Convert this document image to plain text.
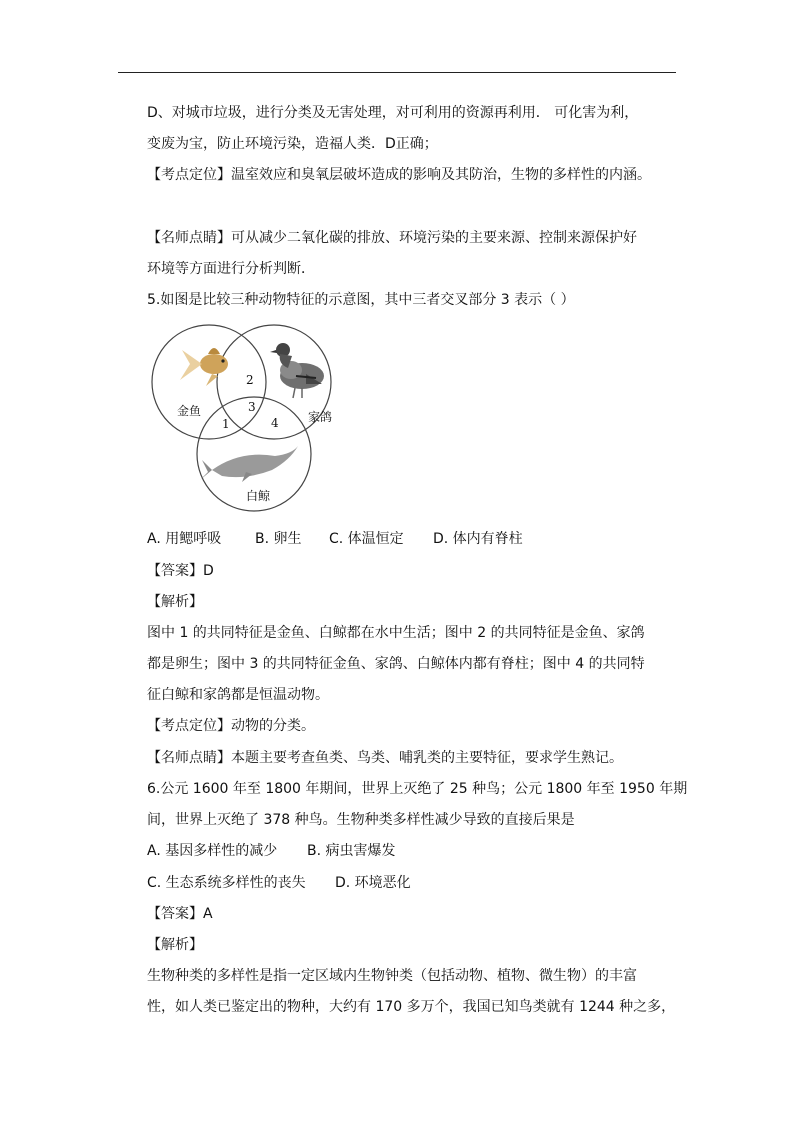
D、对城市垃圾，进行分类及无害处理，对可利用的资源再利用． 可化害为利，
变废为宝，防止环境污染，造福人类．D正确；
【考点定位】温室效应和臭氧层破坏造成的影响及其防治，生物的多样性的内涵。
【名师点睛】可从减少二氧化碳的排放、环境污染的主要来源、控制来源保护好
环境等方面进行分析判断．
5.如图是比较三种动物特征的示意图，其中三者交叉部分 3 表示（ ）
金鱼	家鸽
白鲸
1
2
3
4
A. 用鳃呼吸 B. 卵生 C. 体温恒定 D. 体内有脊柱
【答案】D
【解析】
图中 1 的共同特征是金鱼、白鲸都在水中生活；图中 2 的共同特征是金鱼、家鸽
都是卵生；图中 3 的共同特征金鱼、家鸽、白鲸体内都有脊柱；图中 4 的共同特
征白鲸和家鸽都是恒温动物。
【考点定位】动物的分类。
【名师点睛】本题主要考查鱼类、鸟类、哺乳类的主要特征，要求学生熟记。
6.公元 1600 年至 1800 年期间，世界上灭绝了 25 种鸟；公元 1800 年至 1950 年期
间，世界上灭绝了 378 种鸟。生物种类多样性减少导致的直接后果是
A. 基因多样性的减少 B. 病虫害爆发
C. 生态系统多样性的丧失 D. 环境恶化
【答案】A
【解析】
生物种类的多样性是指一定区域内生物钟类（包括动物、植物、微生物）的丰富
性，如人类已鉴定出的物种，大约有 170 多万个，我国已知鸟类就有 1244 种之多，
